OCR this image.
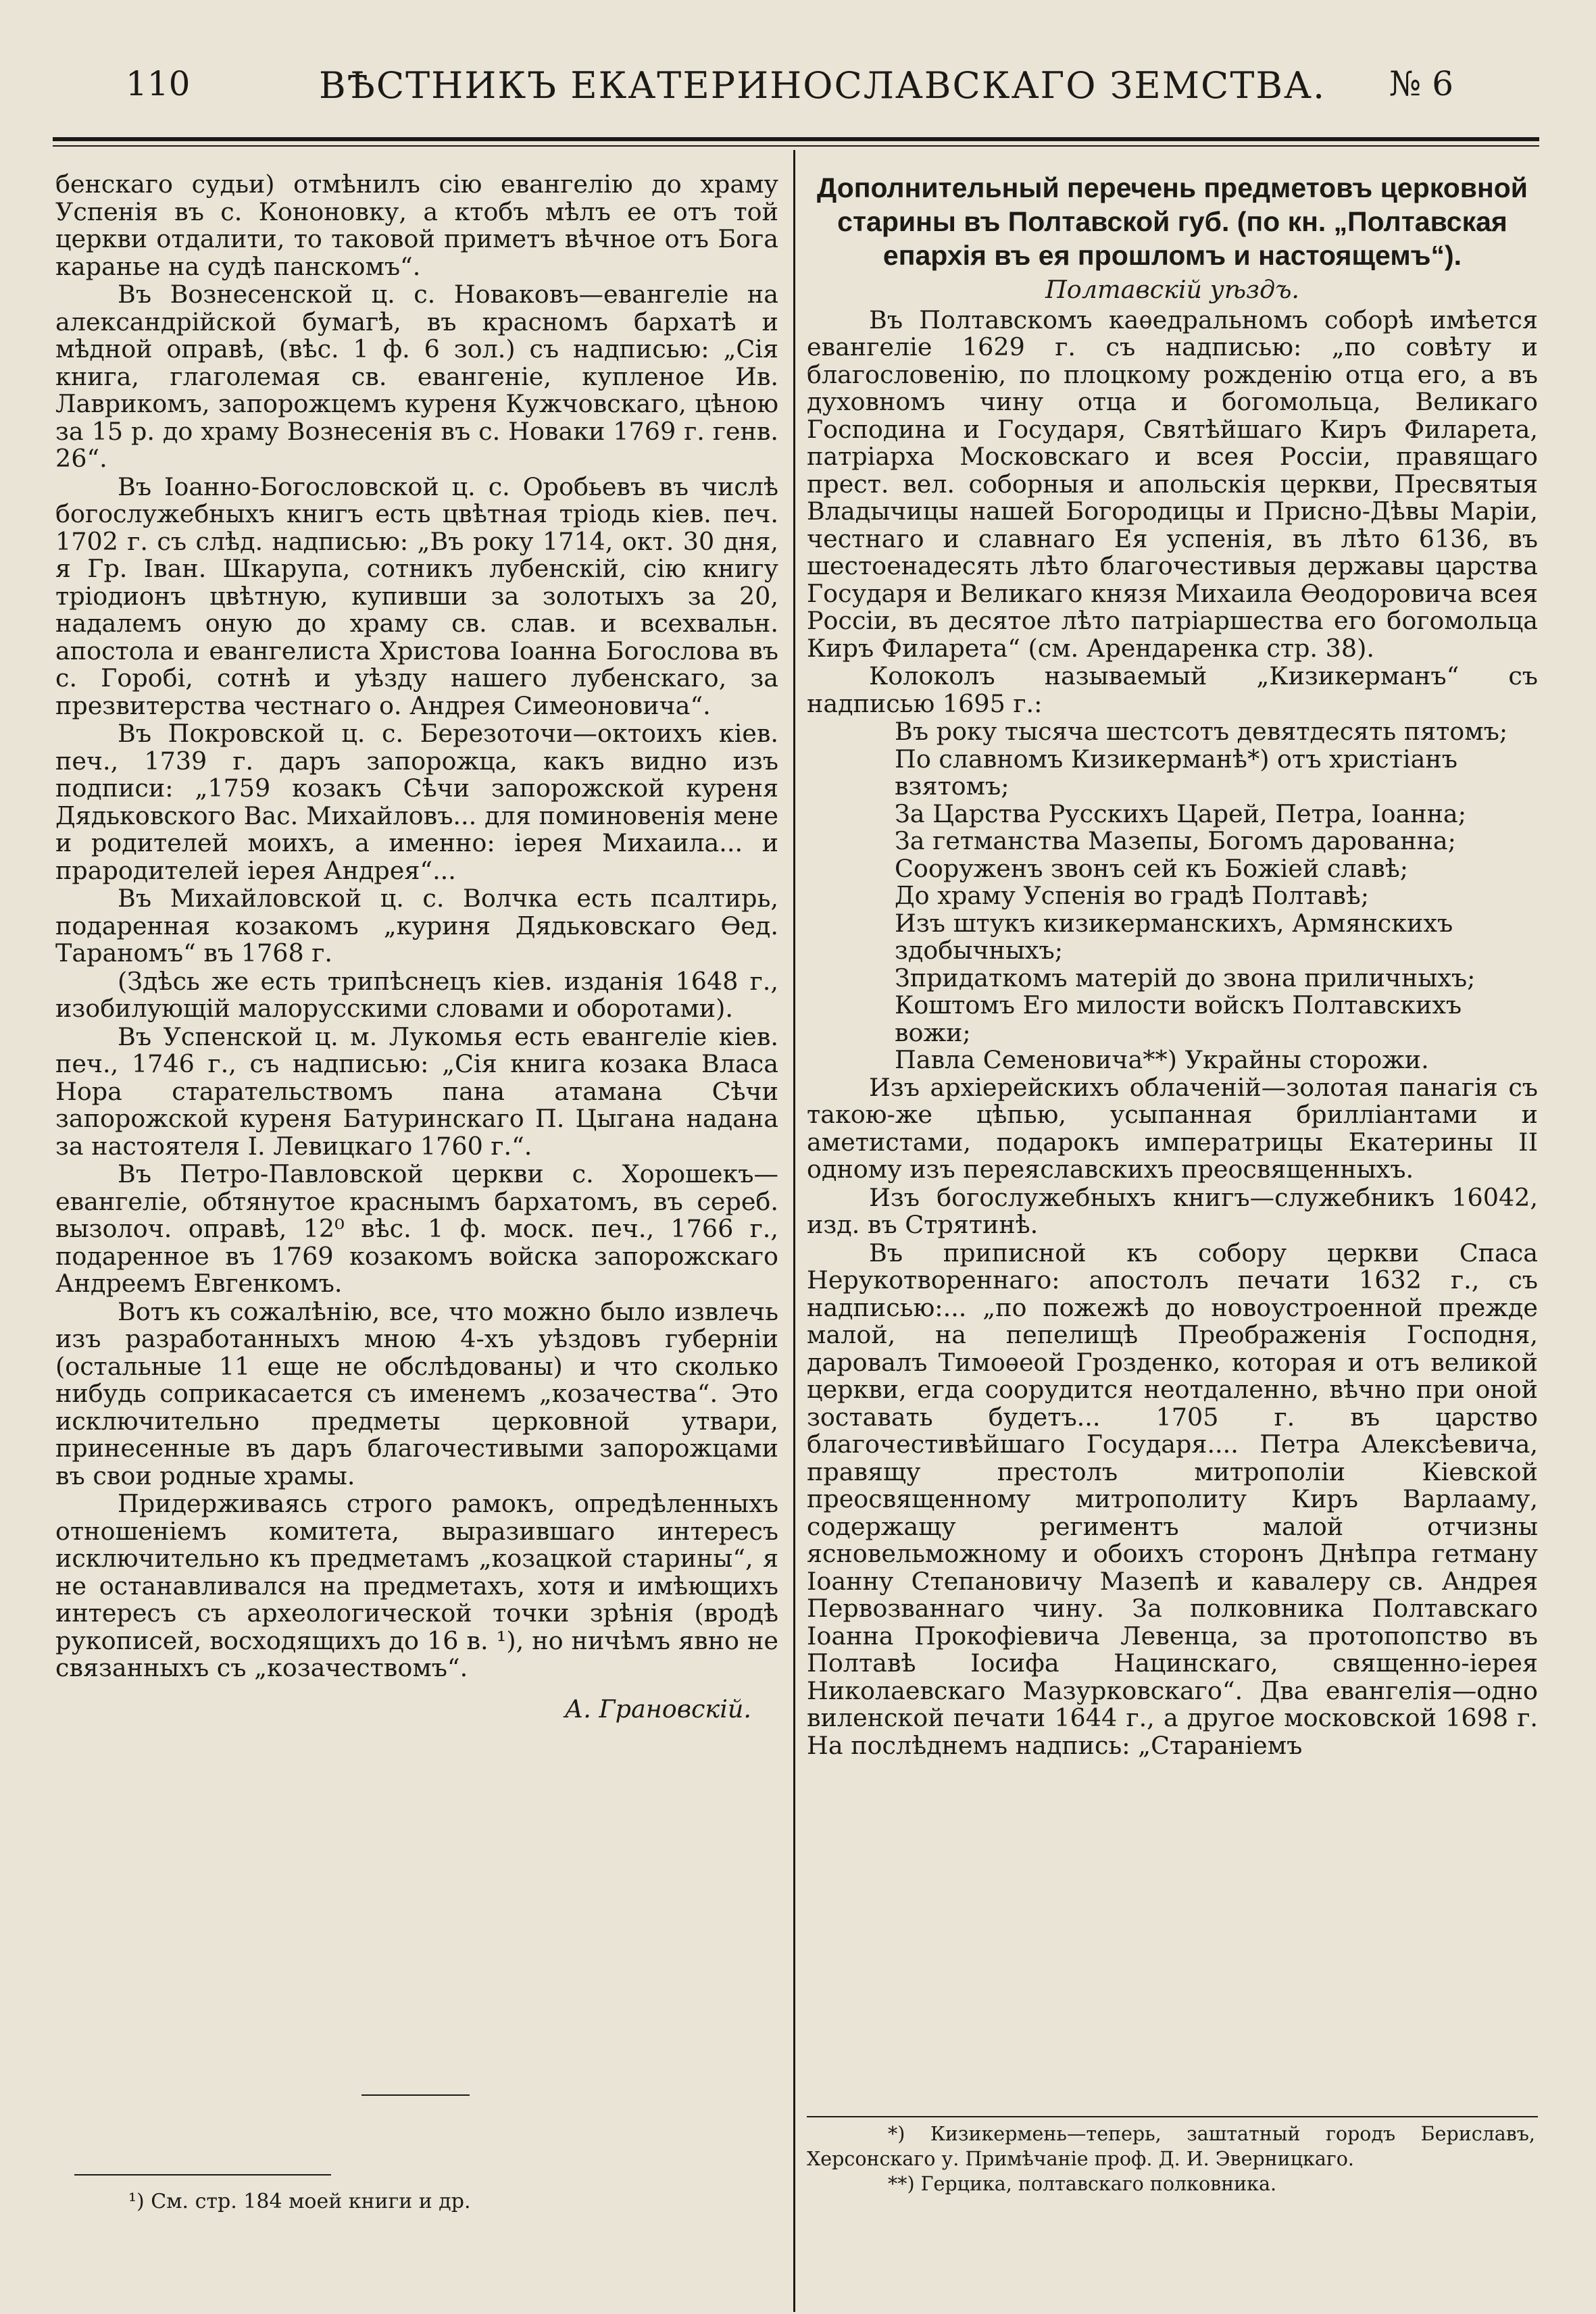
110	ВѢСТНИКЪ ЕКАТЕРИНОСЛАВСКАГО ЗЕМСТВА. № 6

бенскаго судьи) отмѣнилъ сію евангелію до храму Успенія въ с. Кононовку, а ктобъ мѣлъ ее отъ той церкви отдалити, то таковой приметъ вѣчное отъ Бога каранье на судѣ панскомъ“.

Въ Вознесенской ц. с. Новаковъ—евангеліе на александрійской бумагѣ, въ красномъ бархатѣ и мѣдной оправѣ, (вѣс. 1 ф. 6 зол.) съ надписью: „Сія книга, глаголемая св. евангеніе, купленое Ив. Лаврикомъ, запорожцемъ куреня Кужчовскаго, цѣною за 15 р. до храму Вознесенія въ с. Новаки 1769 г. генв. 26“.

Въ Іоанно-Богословской ц. с. Оробьевъ въ числѣ богослужебныхъ книгъ есть цвѣтная тріодь кіев. печ. 1702 г. съ слѣд. надписью: „Въ року 1714, окт. 30 дня, я Гр. Іван. Шкарупа, сотникъ лубенскій, сію книгу тріодионъ цвѣтную, купивши за золотыхъ за 20, надалемъ оную до храму св. слав. и всехвальн. апостола и евангелиста Христова Іоанна Богослова въ с. Горобі, сотнѣ и уѣзду нашего лубенскаго, за презвитерства честнаго о. Андрея Симеоновича“.

Въ Покровской ц. с. Березоточи—октоихъ кіев. печ., 1739 г. даръ запорожца, какъ видно изъ подписи: „1759 козакъ Сѣчи запорожской куреня Дядьковского Вас. Михайловъ... для поминовенія мене и родителей моихъ, а именно: іерея Михаила... и прародителей іерея Андрея“...

Въ Михайловской ц. с. Волчка есть псалтирь, подаренная козакомъ „куриня Дядьковскаго Ѳед. Тараномъ“ въ 1768 г.

(Здѣсь же есть трипѣснецъ кіев. изданія 1648 г., изобилующій малорусскими словами и оборотами).

Въ Успенской ц. м. Лукомья есть евангеліе кіев. печ., 1746 г., съ надписью: „Сія книга козака Власа Нора старательствомъ пана атамана Сѣчи запорожской куреня Батуринскаго П. Цыгана надана за настоятеля І. Левицкаго 1760 г.“.

Въ Петро-Павловской церкви с. Хорошекъ—евангеліе, обтянутое краснымъ бархатомъ, въ сереб. вызолоч. оправѣ, 12⁰ вѣс. 1 ф. моск. печ., 1766 г., подаренное въ 1769 козакомъ войска запорожскаго Андреемъ Евгенкомъ.

Вотъ къ сожалѣнію, все, что можно было извлечь изъ разработанныхъ мною 4-хъ уѣздовъ губерніи (остальные 11 еще не обслѣдованы) и что сколько нибудь соприкасается съ именемъ „козачества“. Это исключительно предметы церковной утвари, принесенные въ даръ благочестивыми запорожцами въ свои родные храмы.

Придерживаясь строго рамокъ, опредѣленныхъ отношеніемъ комитета, выразившаго интересъ исключительно къ предметамъ „козацкой старины“, я не останавливался на предметахъ, хотя и имѣющихъ интересъ съ археологической точки зрѣнія (вродѣ рукописей, восходящихъ до 16 в. ¹), но ничѣмъ явно не связанныхъ съ „козачествомъ“.

А. Грановскій.
¹) См. стр. 184 моей книги и др.
Дополнительный перечень предметовъ церковной старины въ Полтавской губ. (по кн. „Полтавская епархія въ ея прошломъ и настоящемъ“).
Полтавскій уѣздъ.

Въ Полтавскомъ каѳедральномъ соборѣ имѣется евангеліе 1629 г. съ надписью: „по совѣту и благословенію, по плоцкому рожденію отца его, а въ духовномъ чину отца и богомольца, Великаго Господина и Государя, Святѣйшаго Киръ Филарета, патріарха Московскаго и всея Россіи, правящаго прест. вел. соборныя и апольскія церкви, Пресвятыя Владычицы нашей Богородицы и Присно-Дѣвы Маріи, честнаго и славнаго Ея успенія, въ лѣто 6136, въ шестоенадесять лѣто благочестивыя державы царства Государя и Великаго князя Михаила Ѳеодоровича всея Россіи, въ десятое лѣто патріаршества его богомольца Киръ Филарета“ (см. Арендаренка стр. 38).

Колоколъ называемый „Кизикерманъ“ съ надписью 1695 г.:

Въ року тысяча шестсотъ девятдесять пятомъ;
По славномъ Кизикерманѣ*) отъ христіанъ взятомъ;
За Царства Русскихъ Царей, Петра, Іоанна;
За гетманства Мазепы, Богомъ дарованна;
Сооруженъ звонъ сей къ Божіей славѣ;
До храму Успенія во градѣ Полтавѣ;
Изъ штукъ кизикерманскихъ, Армянскихъ здобычныхъ;
Зпридаткомъ матерій до звона приличныхъ;
Коштомъ Его милости войскъ Полтавскихъ вожи;
Павла Семеновича**) Украйны сторожи.

Изъ архіерейскихъ облаченій—золотая панагія съ такою-же цѣпью, усыпанная бриллiантами и аметистами, подарокъ императрицы Екатерины II одному изъ переяславскихъ преосвященныхъ.

Изъ богослужебныхъ книгъ—служебникъ 16042, изд. въ Стрятинѣ.

Въ приписной къ собору церкви Спаса Нерукотвореннаго: апостолъ печати 1632 г., съ надписью:... „по пожежѣ до новоустроенной прежде малой, на пепелищѣ Преображенія Господня, даровалъ Тимоѳеой Грозденко, которая и отъ великой церкви, егда соорудится неотдаленно, вѣчно при оной зоставать будетъ... 1705 г. въ царство благочестивѣйшаго Государя.... Петра Алексѣевича, правящу престолъ митрополіи Кіевской преосвященному митрополиту Киръ Варлааму, содержащу региментъ малой отчизны ясновельможному и обоихъ сторонъ Днѣпра гетману Іоанну Степановичу Мазепѣ и кавалеру св. Андрея Первозваннаго чину. За полковника Полтавскаго Іоанна Прокофіевича Левенца, за протопопство въ Полтавѣ Іосифа Нацинскаго, священно-іерея Николаевскаго Мазурковскаго“. Два евангелія—одно виленской печати 1644 г., а другое московской 1698 г. На послѣднемъ надпись: „Стараніемъ

*) Кизикермень—теперь, заштатный городъ Бериславъ, Херсонскаго у. Примѣчаніе проф. Д. И. Эверницкаго.
**) Герцика, полтавскаго полковника.
